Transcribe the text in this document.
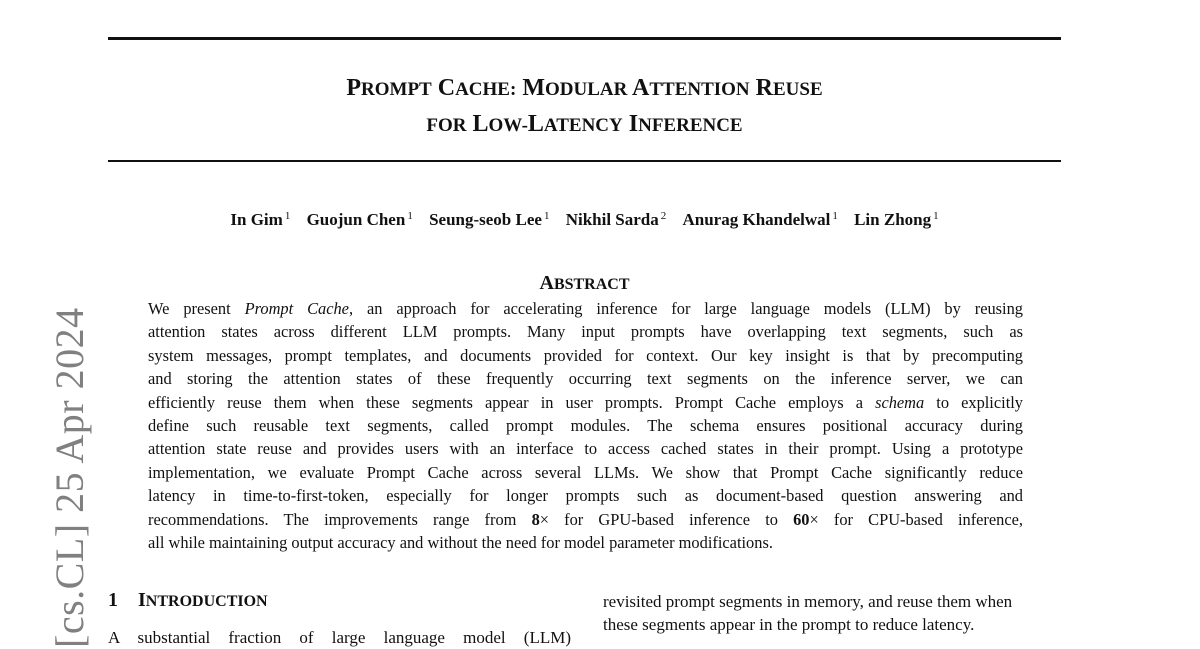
PROMPT CACHE: MODULAR ATTENTION REUSE
FOR LOW-LATENCY INFERENCE
In Gim $^1$ Guojun Chen $^1$ Seung-seob Lee $^1$ Nikhil Sarda $^2$ Anurag Khandelwal $^1$ Lin Zhong $^1$
ABSTRACT
We present Prompt Cache, an approach for accelerating inference for large language models (LLM) by reusing
attention states across different LLM prompts. Many input prompts have overlapping text segments, such as
system messages, prompt templates, and documents provided for context. Our key insight is that by precomputing
and storing the attention states of these frequently occurring text segments on the inference server, we can
efficiently reuse them when these segments appear in user prompts. Prompt Cache employs a schema to explicitly
define such reusable text segments, called prompt modules. The schema ensures positional accuracy during
attention state reuse and provides users with an interface to access cached states in their prompt. Using a prototype
implementation, we evaluate Prompt Cache across several LLMs. We show that Prompt Cache significantly reduce
latency in time-to-first-token, especially for longer prompts such as document-based question answering and
recommendations. The improvements range from 8× for GPU-based inference to 60× for CPU-based inference,
all while maintaining output accuracy and without the need for model parameter modifications.
1 INTRODUCTION
A substantial fraction of large language model (LLM)
revisited prompt segments in memory, and reuse them when
these segments appear in the prompt to reduce latency.
[cs.CL] 25 Apr 2024
